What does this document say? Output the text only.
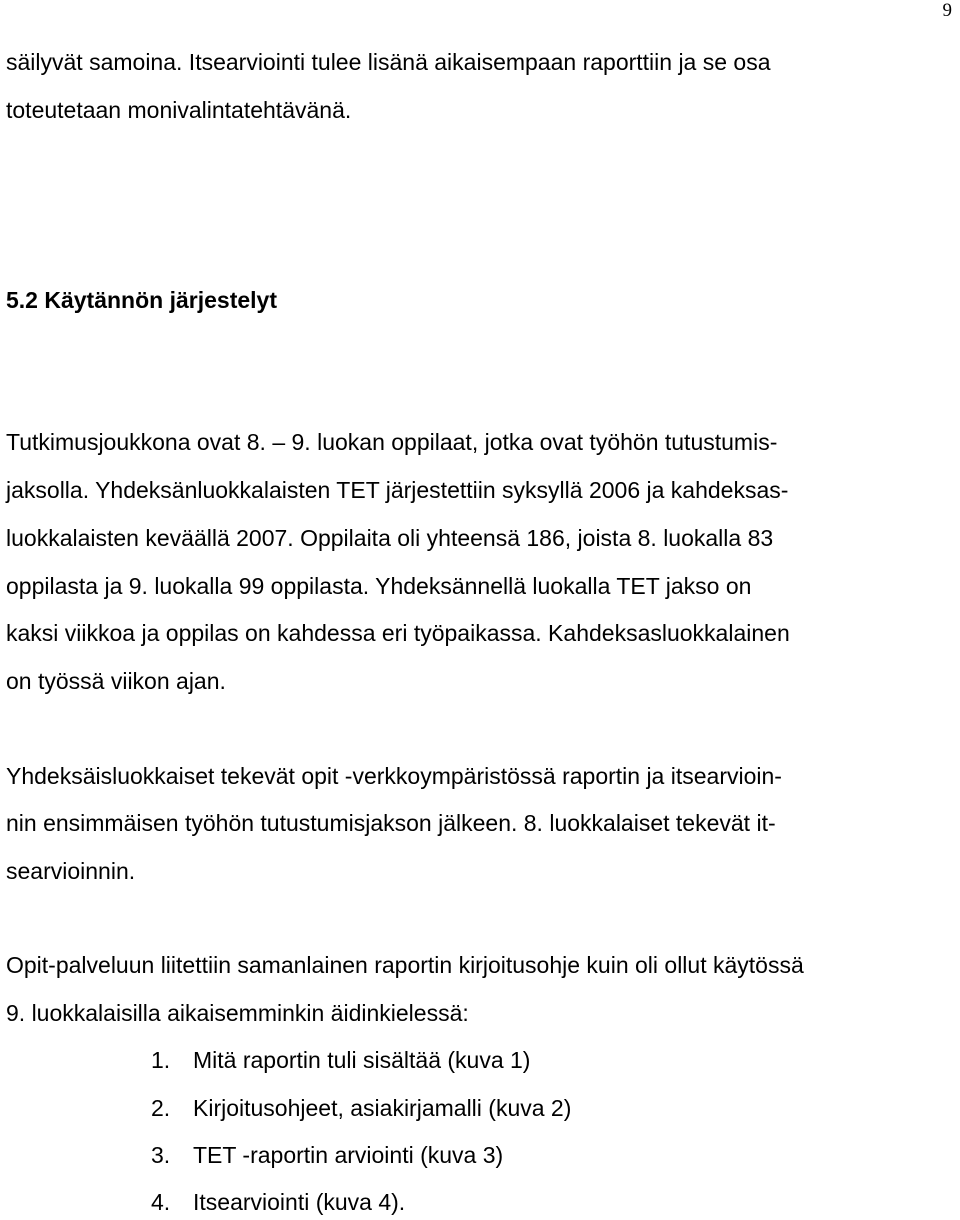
9
säilyvät samoina. Itsearviointi tulee lisänä aikaisempaan raporttiin ja se osa
toteutetaan monivalintatehtävänä.
5.2 Käytännön järjestelyt
Tutkimusjoukkona ovat 8. – 9. luokan oppilaat, jotka ovat työhön tutustumis-
jaksolla. Yhdeksänluokkalaisten TET järjestettiin syksyllä 2006 ja kahdeksas-
luokkalaisten keväällä 2007. Oppilaita oli yhteensä 186, joista 8. luokalla 83
oppilasta ja 9. luokalla 99 oppilasta. Yhdeksännellä luokalla TET jakso on
kaksi viikkoa ja oppilas on kahdessa eri työpaikassa. Kahdeksasluokkalainen
on työssä viikon ajan.
Yhdeksäisluokkaiset tekevät opit -verkkoympäristössä raportin ja itsearvioin-
nin ensimmäisen työhön tutustumisjakson jälkeen. 8. luokkalaiset tekevät it-
searvioinnin.
Opit-palveluun liitettiin samanlainen raportin kirjoitusohje kuin oli ollut käytössä
9. luokkalaisilla aikaisemminkin äidinkielessä:
1. Mitä raportin tuli sisältää (kuva 1)
2. Kirjoitusohjeet, asiakirjamalli (kuva 2)
3. TET -raportin arviointi (kuva 3)
4. Itsearviointi (kuva 4).
